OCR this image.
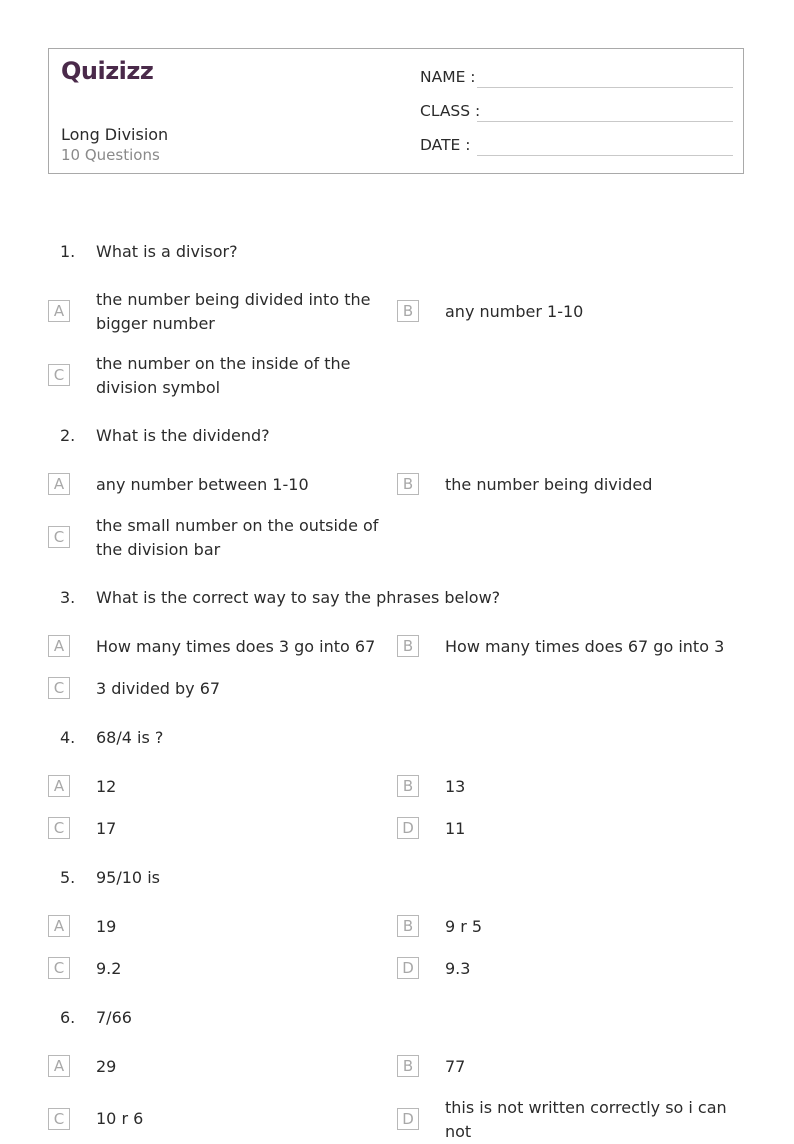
Quizizz
Long Division
10 Questions
NAME :
CLASS :
DATE :
1. What is a divisor?
A
the number being divided into the bigger number
B	any number 1-10
C
the number on the inside of the division symbol
2. What is the dividend?
A	any number between 1-10	B	the number being divided
C
the small number on the outside of the division bar
3. What is the correct way to say the phrases below?
A	How many times does 3 go into 67	B	How many times does 67 go into 3
C	3 divided by 67
4. 68/4 is ?
A	12	B	13
C	17	D	11
5. 95/10 is
A	19	B	9 r 5
C	9.2	D	9.3
6. 7/66
A	29	B	77
C	10 r 6	D
this is not written correctly so i can not
